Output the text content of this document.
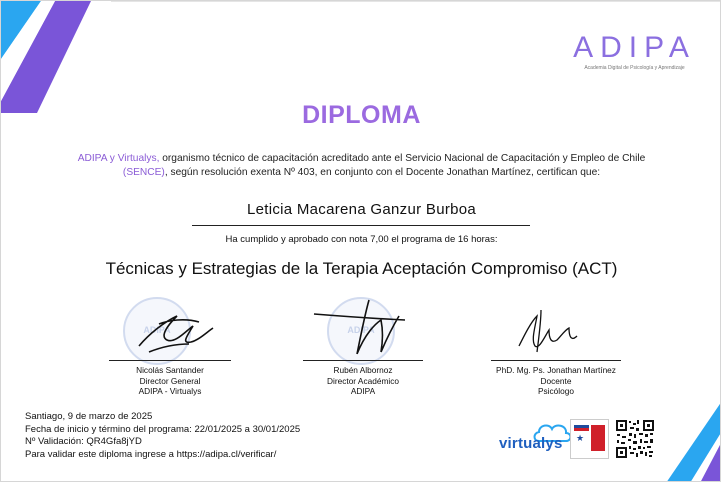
ADIPA
Academia Digital de Psicología y Aprendizaje
DIPLOMA
ADIPA y Virtualys, organismo técnico de capacitación acreditado ante el Servicio Nacional de Capacitación y Empleo de Chile (SENCE), según resolución exenta Nº 403, en conjunto con el Docente Jonathan Martínez, certifican que:
Leticia Macarena Ganzur Burboa
Ha cumplido y aprobado con nota 7,00 el programa de 16 horas:
Técnicas y Estrategias de la Terapia Aceptación Compromiso (ACT)
ADIPA	ADIPA
Nicolás Santander
Director General
ADIPA - Virtualys
Rubén Albornoz
Director Académico
ADIPA
PhD. Mg. Ps. Jonathan Martínez
Docente
Psicólogo
Santiago, 9 de marzo de 2025
Fecha de inicio y término del programa: 22/01/2025 a 30/01/2025
Nº Validación: QR4Gfa8jYD
Para validar este diploma ingrese a https://adipa.cl/verificar/
virtualys ★
